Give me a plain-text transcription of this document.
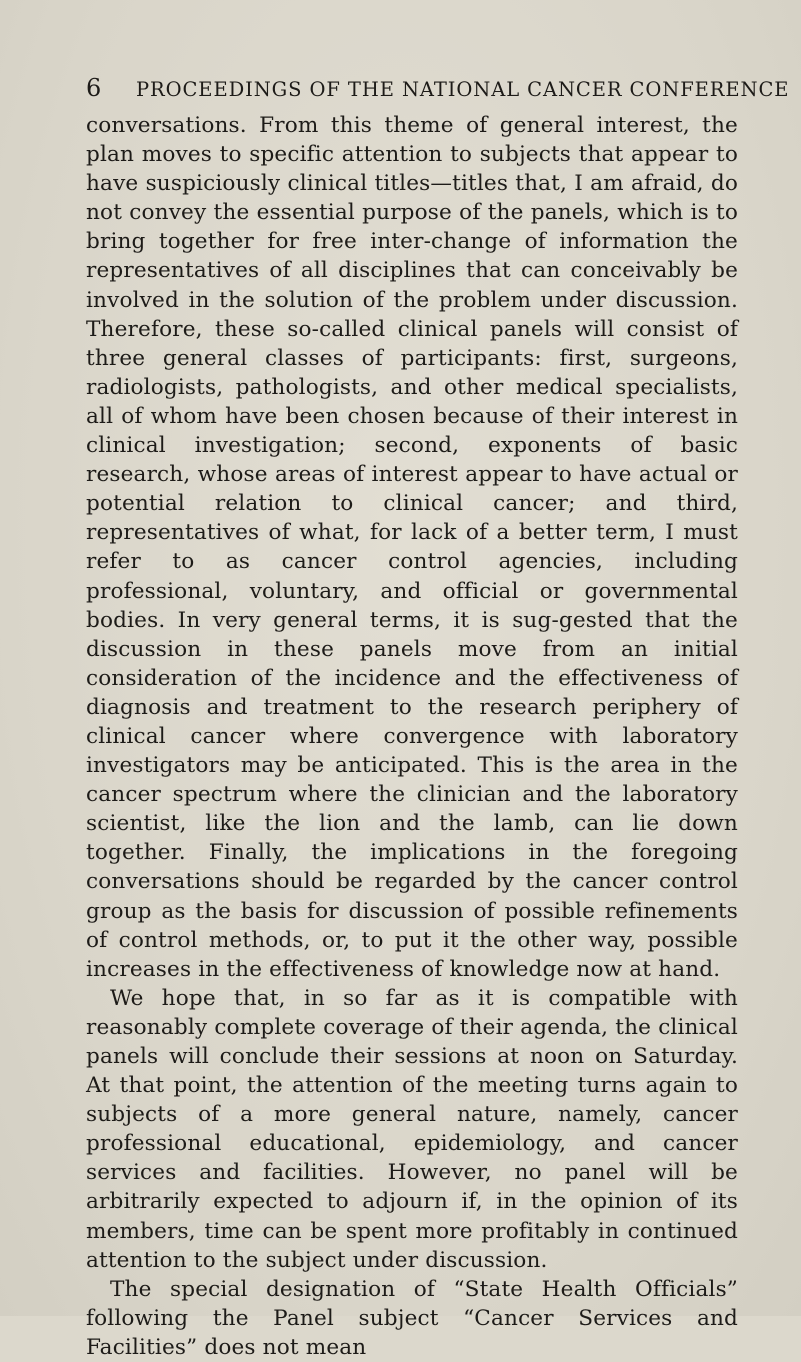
6 PROCEEDINGS OF THE NATIONAL CANCER CONFERENCE

conversations. From this theme of general interest, the plan moves to specific attention to subjects that appear to have suspiciously clinical titles—titles that, I am afraid, do not convey the essential purpose of the panels, which is to bring together for free inter-change of information the representatives of all disciplines that can conceivably be involved in the solution of the problem under discussion. Therefore, these so-called clinical panels will consist of three general classes of participants: first, surgeons, radiologists, pathologists, and other medical specialists, all of whom have been chosen because of their interest in clinical investigation; second, exponents of basic research, whose areas of interest appear to have actual or potential relation to clinical cancer; and third, representatives of what, for lack of a better term, I must refer to as cancer control agencies, including professional, voluntary, and official or governmental bodies. In very general terms, it is sug-gested that the discussion in these panels move from an initial consideration of the incidence and the effectiveness of diagnosis and treatment to the research periphery of clinical cancer where convergence with laboratory investigators may be anticipated. This is the area in the cancer spectrum where the clinician and the laboratory scientist, like the lion and the lamb, can lie down together. Finally, the implications in the foregoing conversations should be regarded by the cancer control group as the basis for discussion of possible refinements of control methods, or, to put it the other way, possible increases in the effectiveness of knowledge now at hand.

We hope that, in so far as it is compatible with reasonably complete coverage of their agenda, the clinical panels will conclude their sessions at noon on Saturday. At that point, the attention of the meeting turns again to subjects of a more general nature, namely, cancer professional educational, epidemiology, and cancer services and facilities. However, no panel will be arbitrarily expected to adjourn if, in the opinion of its members, time can be spent more profitably in continued attention to the subject under discussion.

The special designation of “State Health Officials” following the Panel subject “Cancer Services and Facilities” does not mean
